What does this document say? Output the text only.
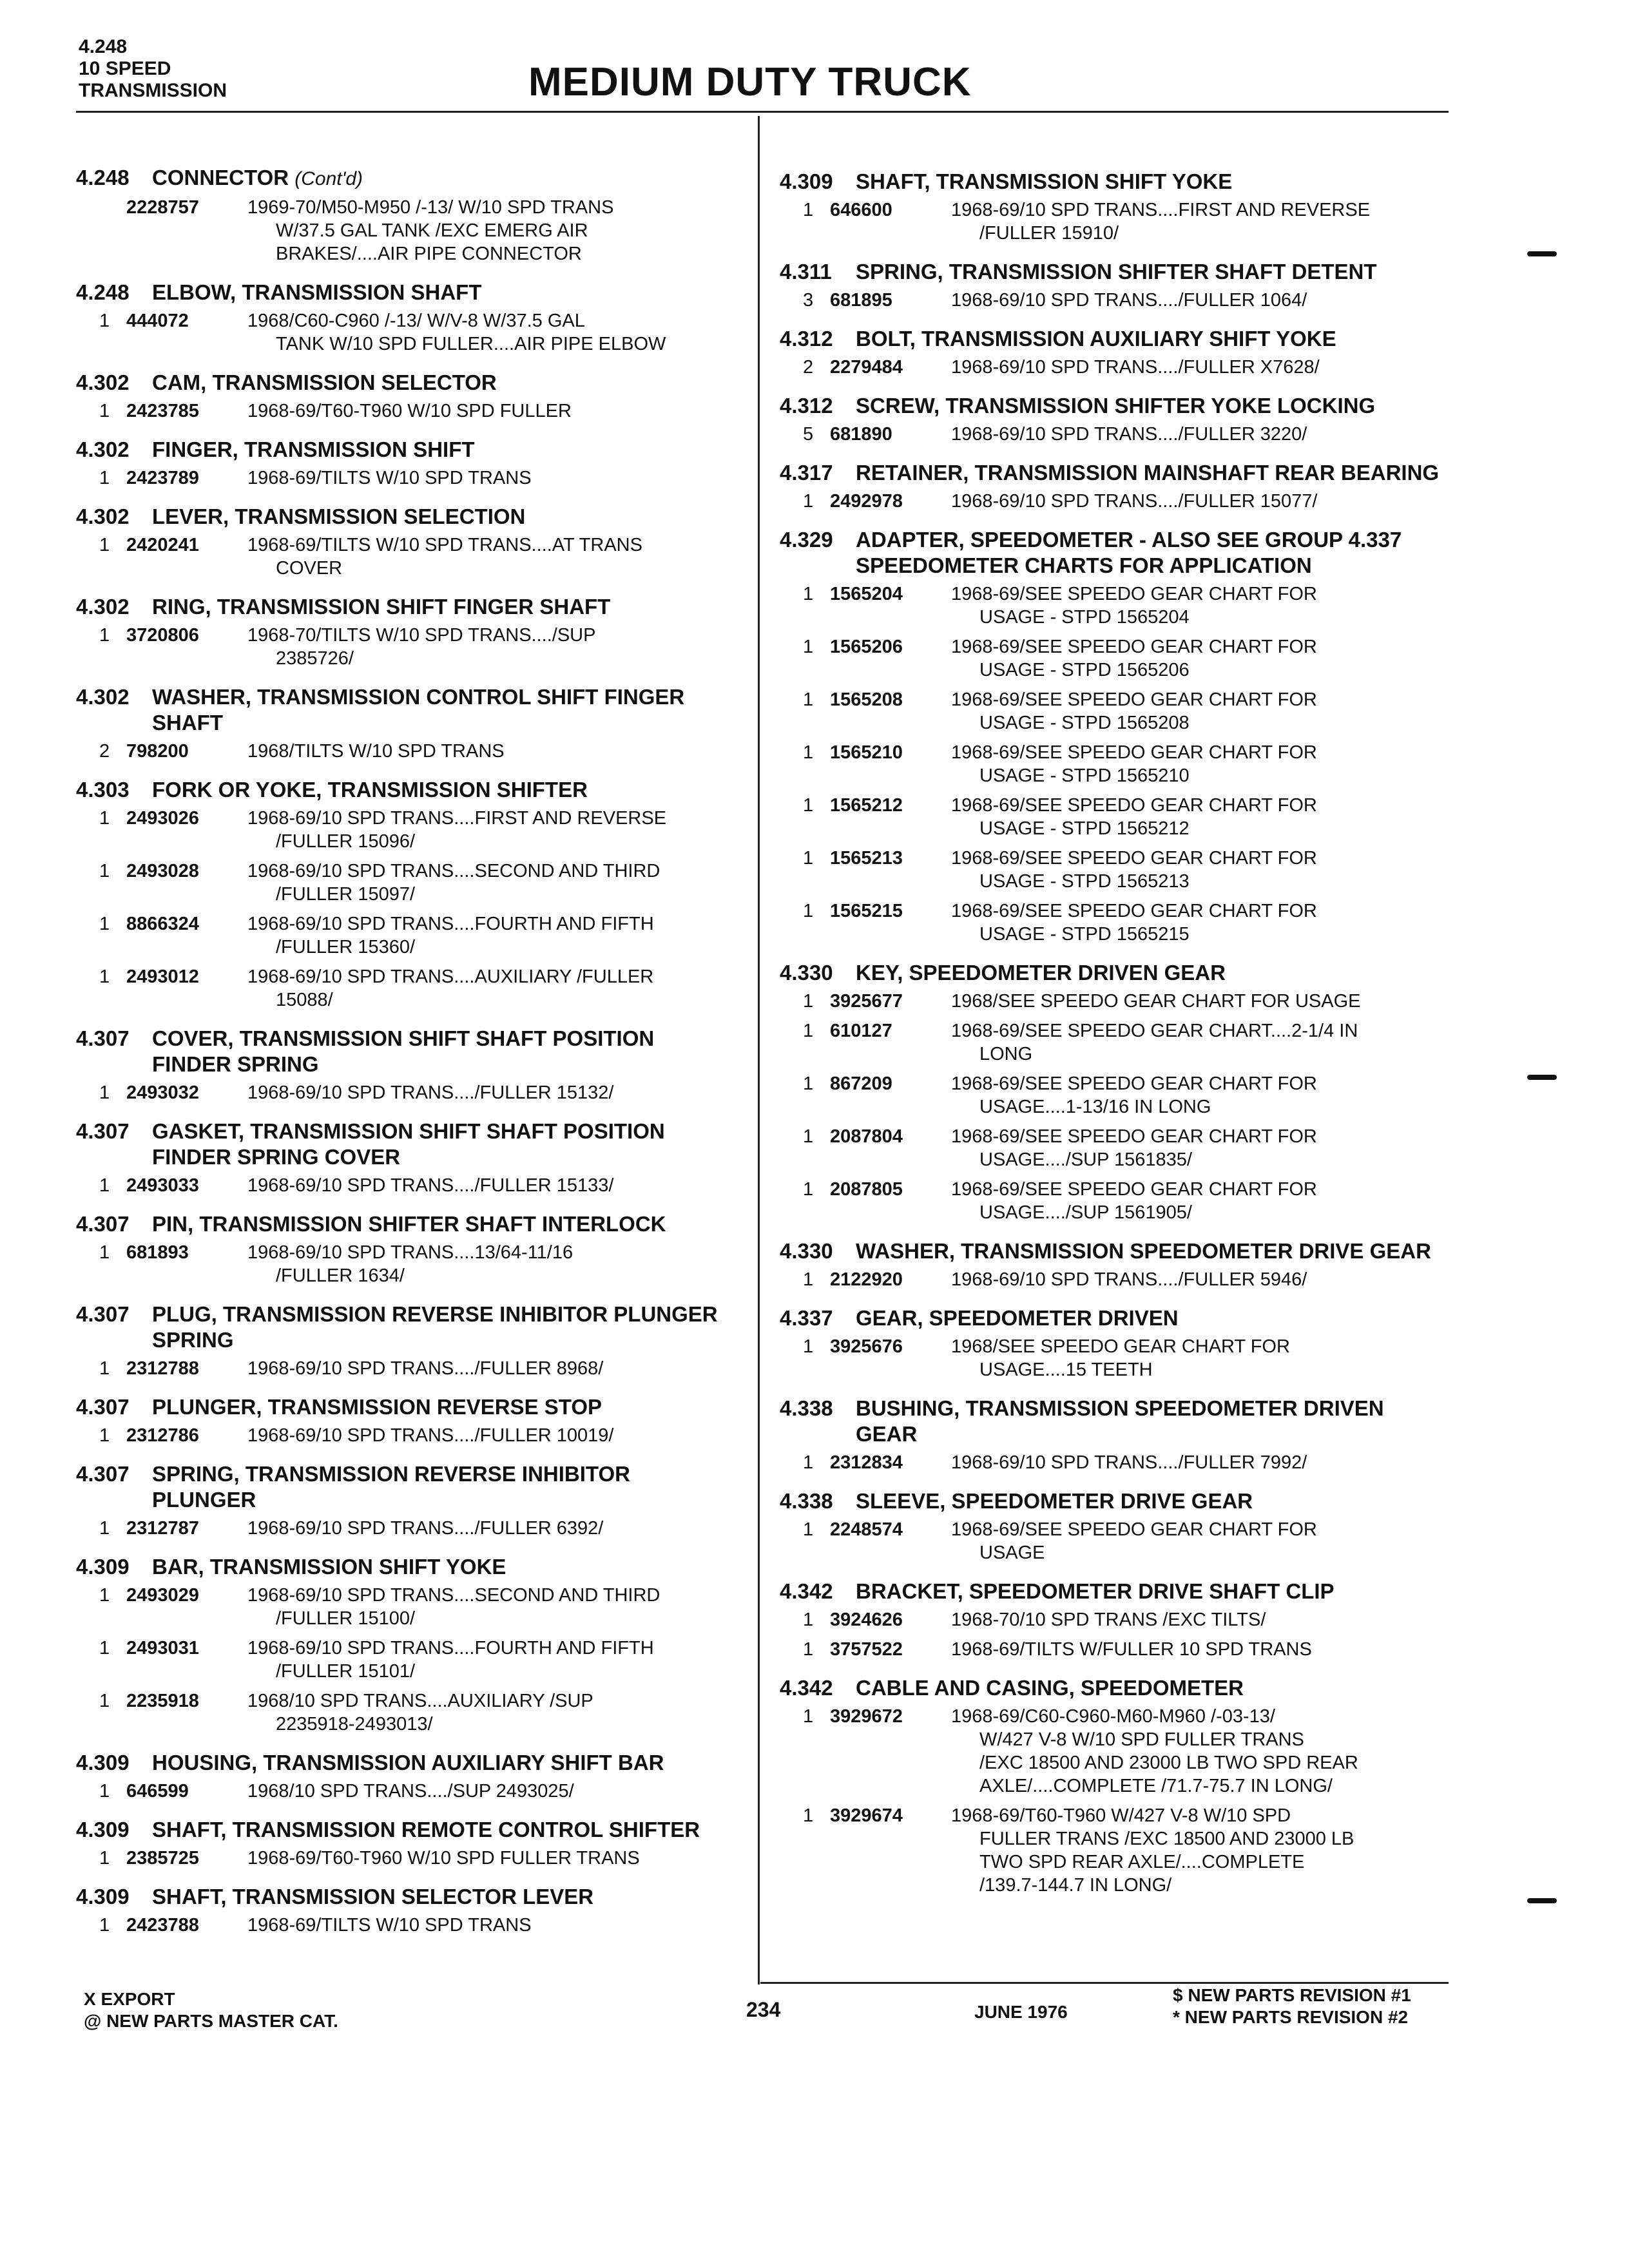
4.248
10 SPEED
TRANSMISSION	MEDIUM DUTY TRUCK
4.248	CONNECTOR (Cont'd)
2228757	1969-70/M50-M950 /-13/ W/10 SPD TRANS
W/37.5 GAL TANK /EXC EMERG AIR
BRAKES/....AIR PIPE CONNECTOR
4.248	ELBOW, TRANSMISSION SHAFT
1 444072	1968/C60-C960 /-13/ W/V-8 W/37.5 GAL
TANK W/10 SPD FULLER....AIR PIPE ELBOW
4.302	CAM, TRANSMISSION SELECTOR
1 2423785	1968-69/T60-T960 W/10 SPD FULLER
4.302	FINGER, TRANSMISSION SHIFT
1 2423789	1968-69/TILTS W/10 SPD TRANS
4.302	LEVER, TRANSMISSION SELECTION
1 2420241	1968-69/TILTS W/10 SPD TRANS....AT TRANS
COVER
4.302	RING, TRANSMISSION SHIFT FINGER SHAFT
1 3720806	1968-70/TILTS W/10 SPD TRANS..../SUP
2385726/
4.302	WASHER, TRANSMISSION CONTROL SHIFT FINGER SHAFT
2 798200	1968/TILTS W/10 SPD TRANS
4.303	FORK OR YOKE, TRANSMISSION SHIFTER
1 2493026	1968-69/10 SPD TRANS....FIRST AND REVERSE
/FULLER 15096/
1 2493028	1968-69/10 SPD TRANS....SECOND AND THIRD
/FULLER 15097/
1 8866324	1968-69/10 SPD TRANS....FOURTH AND FIFTH
/FULLER 15360/
1 2493012	1968-69/10 SPD TRANS....AUXILIARY /FULLER
15088/
4.307	COVER, TRANSMISSION SHIFT SHAFT POSITION FINDER SPRING
1 2493032	1968-69/10 SPD TRANS..../FULLER 15132/
4.307	GASKET, TRANSMISSION SHIFT SHAFT POSITION FINDER SPRING COVER
1 2493033	1968-69/10 SPD TRANS..../FULLER 15133/
4.307	PIN, TRANSMISSION SHIFTER SHAFT INTERLOCK
1 681893	1968-69/10 SPD TRANS....13/64-11/16
/FULLER 1634/
4.307	PLUG, TRANSMISSION REVERSE INHIBITOR PLUNGER SPRING
1 2312788	1968-69/10 SPD TRANS..../FULLER 8968/
4.307	PLUNGER, TRANSMISSION REVERSE STOP
1 2312786	1968-69/10 SPD TRANS..../FULLER 10019/
4.307	SPRING, TRANSMISSION REVERSE INHIBITOR PLUNGER
1 2312787	1968-69/10 SPD TRANS..../FULLER 6392/
4.309	BAR, TRANSMISSION SHIFT YOKE
1 2493029	1968-69/10 SPD TRANS....SECOND AND THIRD
/FULLER 15100/
1 2493031	1968-69/10 SPD TRANS....FOURTH AND FIFTH
/FULLER 15101/
1 2235918	1968/10 SPD TRANS....AUXILIARY /SUP
2235918-2493013/
4.309	HOUSING, TRANSMISSION AUXILIARY SHIFT BAR
1 646599	1968/10 SPD TRANS..../SUP 2493025/
4.309	SHAFT, TRANSMISSION REMOTE CONTROL SHIFTER
1 2385725	1968-69/T60-T960 W/10 SPD FULLER TRANS
4.309	SHAFT, TRANSMISSION SELECTOR LEVER
1 2423788	1968-69/TILTS W/10 SPD TRANS
4.309	SHAFT, TRANSMISSION SHIFT YOKE
1 646600	1968-69/10 SPD TRANS....FIRST AND REVERSE
/FULLER 15910/
4.311	SPRING, TRANSMISSION SHIFTER SHAFT DETENT
3 681895	1968-69/10 SPD TRANS..../FULLER 1064/
4.312	BOLT, TRANSMISSION AUXILIARY SHIFT YOKE
2 2279484	1968-69/10 SPD TRANS..../FULLER X7628/
4.312	SCREW, TRANSMISSION SHIFTER YOKE LOCKING
5 681890	1968-69/10 SPD TRANS..../FULLER 3220/
4.317	RETAINER, TRANSMISSION MAINSHAFT REAR BEARING
1 2492978	1968-69/10 SPD TRANS..../FULLER 15077/
4.329	ADAPTER, SPEEDOMETER - ALSO SEE GROUP 4.337 SPEEDOMETER CHARTS FOR APPLICATION
1 1565204	1968-69/SEE SPEEDO GEAR CHART FOR
USAGE - STPD 1565204
1 1565206	1968-69/SEE SPEEDO GEAR CHART FOR
USAGE - STPD 1565206
1 1565208	1968-69/SEE SPEEDO GEAR CHART FOR
USAGE - STPD 1565208
1 1565210	1968-69/SEE SPEEDO GEAR CHART FOR
USAGE - STPD 1565210
1 1565212	1968-69/SEE SPEEDO GEAR CHART FOR
USAGE - STPD 1565212
1 1565213	1968-69/SEE SPEEDO GEAR CHART FOR
USAGE - STPD 1565213
1 1565215	1968-69/SEE SPEEDO GEAR CHART FOR
USAGE - STPD 1565215
4.330	KEY, SPEEDOMETER DRIVEN GEAR
1 3925677	1968/SEE SPEEDO GEAR CHART FOR USAGE
1 610127	1968-69/SEE SPEEDO GEAR CHART....2-1/4 IN
LONG
1 867209	1968-69/SEE SPEEDO GEAR CHART FOR
USAGE....1-13/16 IN LONG
1 2087804	1968-69/SEE SPEEDO GEAR CHART FOR
USAGE..../SUP 1561835/
1 2087805	1968-69/SEE SPEEDO GEAR CHART FOR
USAGE..../SUP 1561905/
4.330	WASHER, TRANSMISSION SPEEDOMETER DRIVE GEAR
1 2122920	1968-69/10 SPD TRANS..../FULLER 5946/
4.337	GEAR, SPEEDOMETER DRIVEN
1 3925676	1968/SEE SPEEDO GEAR CHART FOR
USAGE....15 TEETH
4.338	BUSHING, TRANSMISSION SPEEDOMETER DRIVEN GEAR
1 2312834	1968-69/10 SPD TRANS..../FULLER 7992/
4.338	SLEEVE, SPEEDOMETER DRIVE GEAR
1 2248574	1968-69/SEE SPEEDO GEAR CHART FOR
USAGE
4.342	BRACKET, SPEEDOMETER DRIVE SHAFT CLIP
1 3924626	1968-70/10 SPD TRANS /EXC TILTS/
1 3757522	1968-69/TILTS W/FULLER 10 SPD TRANS
4.342	CABLE AND CASING, SPEEDOMETER
1 3929672	1968-69/C60-C960-M60-M960 /-03-13/
W/427 V-8 W/10 SPD FULLER TRANS
/EXC 18500 AND 23000 LB TWO SPD REAR
AXLE/....COMPLETE /71.7-75.7 IN LONG/
1 3929674	1968-69/T60-T960 W/427 V-8 W/10 SPD
FULLER TRANS /EXC 18500 AND 23000 LB
TWO SPD REAR AXLE/....COMPLETE
/139.7-144.7 IN LONG/
X EXPORT
@ NEW PARTS MASTER CAT.	234	JUNE 1976
$ NEW PARTS REVISION #1
* NEW PARTS REVISION #2
